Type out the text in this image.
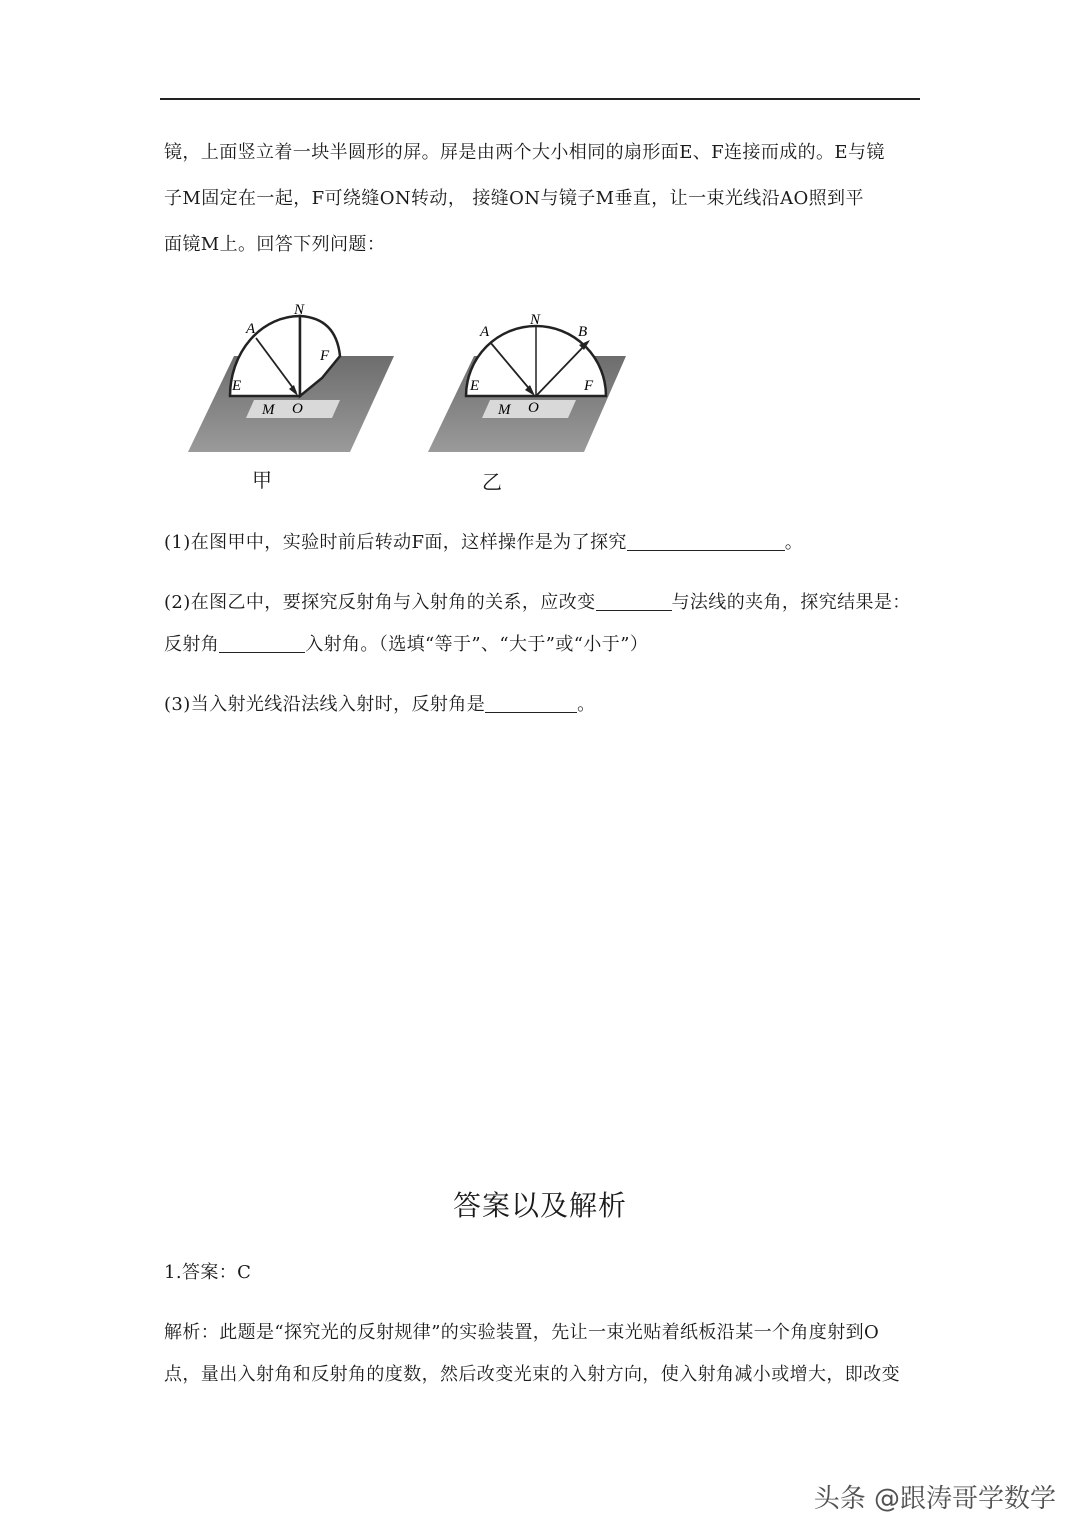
镜，上面竖立着一块半圆形的屏。屏是由两个大小相同的扇形面E、F连接而成的。E与镜
子M固定在一起，F可绕缝ON转动， 接缝ON与镜子M垂直，让一束光线沿AO照到平
面镜M上。回答下列问题：
A
N
F
E
M O
甲
A
N
B
E	F
M O
乙
(1)在图甲中，实验时前后转动F面，这样操作是为了探究	。
(2)在图乙中，要探究反射角与入射角的关系，应改变	与法线的夹角，探究结果是：
反射角	入射角。（选填“等于”、“大于”或“小于”）
(3)当入射光线沿法线入射时，反射角是	。
答案以及解析
1.答案：C
解析：此题是“探究光的反射规律”的实验装置，先让一束光贴着纸板沿某一个角度射到O
点，量出入射角和反射角的度数，然后改变光束的入射方向，使入射角减小或增大，即改变
头条 @跟涛哥学数学
